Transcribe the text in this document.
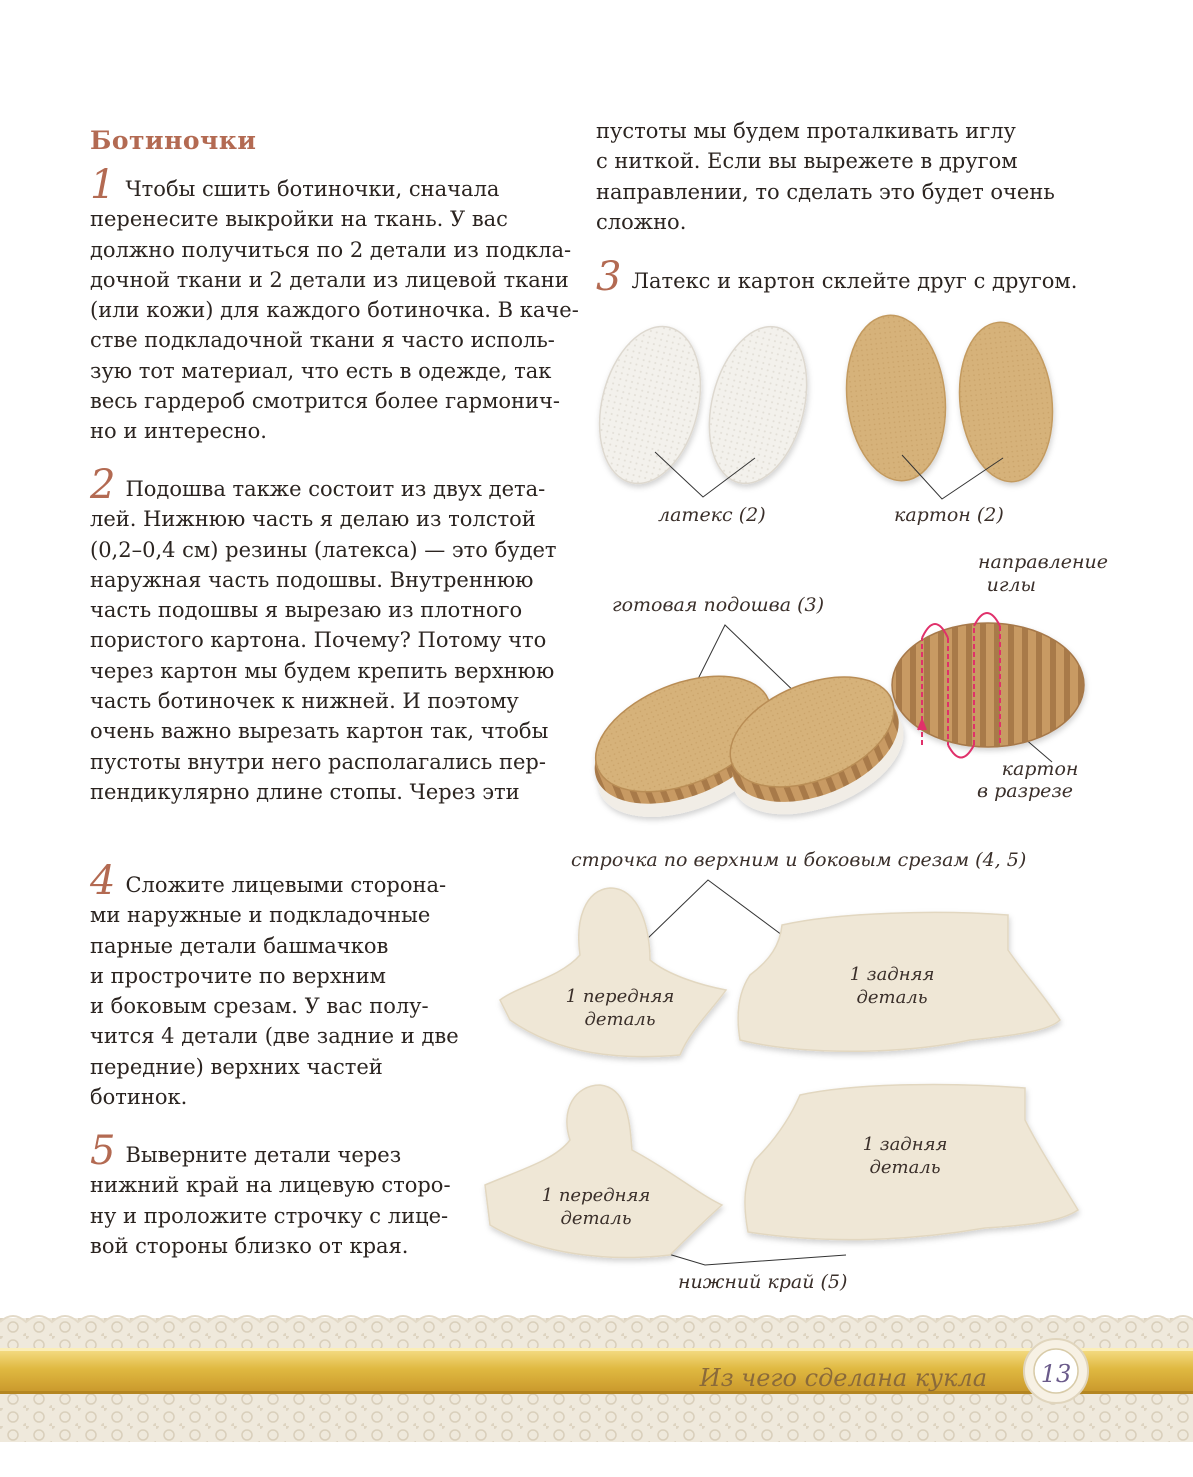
Ботиночки
1 Чтобы сшить ботиночки, сначала
перенесите выкройки на ткань. У вас
должно получиться по 2 детали из подкла-
дочной ткани и 2 детали из лицевой ткани
(или кожи) для каждого ботиночка. В каче-
стве подкладочной ткани я часто исполь-
зую тот материал, что есть в одежде, так
весь гардероб смотрится более гармонич-
но и интересно.
2 Подошва также состоит из двух дета-
лей. Нижнюю часть я делаю из толстой
(0,2–0,4 см) резины (латекса) — это будет
наружная часть подошвы. Внутреннюю
часть подошвы я вырезаю из плотного
пористого картона. Почему? Потому что
через картон мы будем крепить верхнюю
часть ботиночек к нижней. И поэтому
очень важно вырезать картон так, чтобы
пустоты внутри него располагались пер-
пендикулярно длине стопы. Через эти
пустоты мы будем проталкивать иглу
с ниткой. Если вы вырежете в другом
направлении, то сделать это будет очень
сложно.
3 Латекс и картон склейте друг с другом.
4 Сложите лицевыми сторона-
ми наружные и подкладочные
парные детали башмачков
и прострочите по верхним
и боковым срезам. У вас полу-
чится 4 детали (две задние и две
передние) верхних частей
ботинок.
5 Выверните детали через
нижний край на лицевую сторо-
ну и проложите строчку с лице-
вой стороны близко от края.
латекс (2)	картон (2)
готовая подошва (3)
направление
иглы
картон
в разрезе
строчка по верхним и боковым срезам (4, 5)
1 передняя
деталь
1 задняя
деталь
1 передняя
деталь
1 задняя
деталь
нижний край (5)
Из чего сделана кукла	13
